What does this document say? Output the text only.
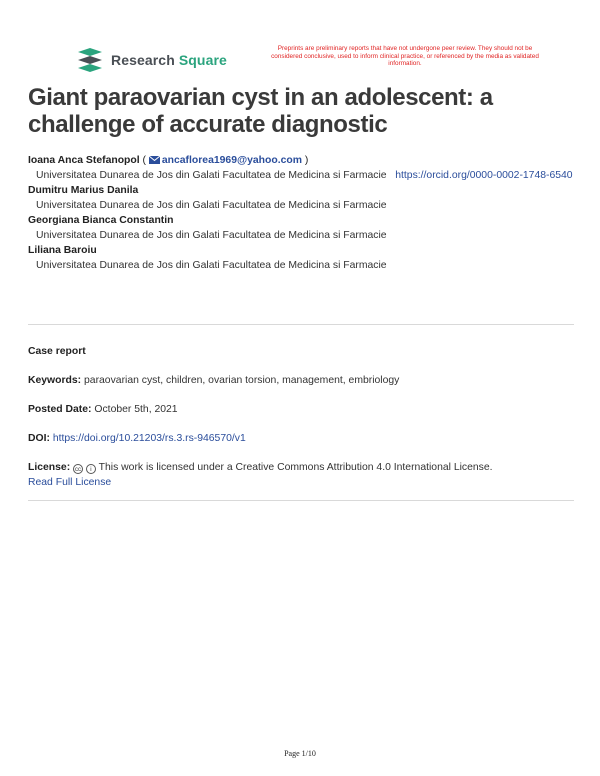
Research Square
Preprints are preliminary reports that have not undergone peer review. They should not be considered conclusive, used to inform clinical practice, or referenced by the media as validated information.
Giant paraovarian cyst in an adolescent: a challenge of accurate diagnostic
Ioana Anca Stefanopol ( ancaflorea1969@yahoo.com )
Universitatea Dunarea de Jos din Galati Facultatea de Medicina si Farmacie https://orcid.org/0000-0002-1748-6540
Dumitru Marius Danila
Universitatea Dunarea de Jos din Galati Facultatea de Medicina si Farmacie
Georgiana Bianca Constantin
Universitatea Dunarea de Jos din Galati Facultatea de Medicina si Farmacie
Liliana Baroiu
Universitatea Dunarea de Jos din Galati Facultatea de Medicina si Farmacie
Case report
Keywords: paraovarian cyst, children, ovarian torsion, management, embriology
Posted Date: October 5th, 2021
DOI: https://doi.org/10.21203/rs.3.rs-946570/v1
License: cc i This work is licensed under a Creative Commons Attribution 4.0 International License.
Read Full License
Page 1/10
